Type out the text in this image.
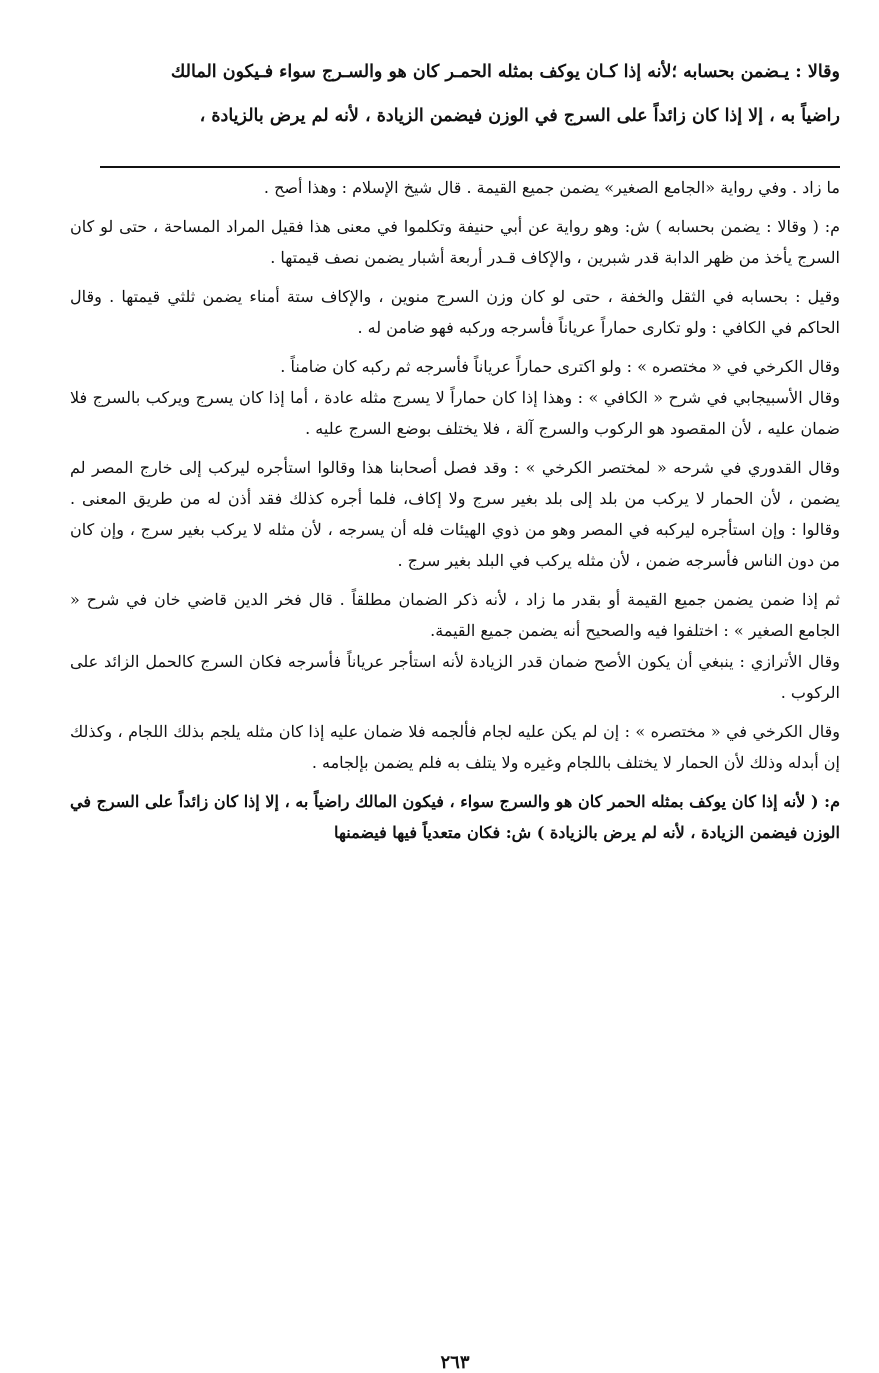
وقالا : يـضمن بحسابه ؛لأنه إذا كـان يوكف بمثله الحمـر كان هو والسـرج سواء فـيكون المالك

راضياً به ، إلا إذا كان زائداً على السرج في الوزن فيضمن الزيادة ، لأنه لم يرض بالزيادة ،

ما زاد . وفي رواية «الجامع الصغير» يضمن جميع القيمة . قال شيخ الإسلام : وهذا أصح .

م: ( وقالا : يضمن بحسابه ) ش: وهو رواية عن أبي حنيفة وتكلموا في معنى هذا فقيل المراد المساحة ، حتى لو كان السرج يأخذ من ظهر الدابة قدر شبرين ، والإكاف قـدر أربعة أشبار يضمن نصف قيمتها .

وقيل : بحسابه في الثقل والخفة ، حتى لو كان وزن السرج منوين ، والإكاف ستة أمناء يضمن ثلثي قيمتها . وقال الحاكم في الكافي : ولو تكارى حماراً عرياناً فأسرجه وركبه فهو ضامن له .

وقال الكرخي في « مختصره » : ولو اكترى حماراً عرياناً فأسرجه ثم ركبه كان ضامناً .

وقال الأسبيجابي في شرح « الكافي » : وهذا إذا كان حماراً لا يسرج مثله عادة ، أما إذا كان يسرج ويركب بالسرج فلا ضمان عليه ، لأن المقصود هو الركوب والسرج آلة ، فلا يختلف بوضع السرج عليه .

وقال القدوري في شرحه « لمختصر الكرخي » : وقد فصل أصحابنا هذا وقالوا استأجره ليركب إلى خارج المصر لم يضمن ، لأن الحمار لا يركب من بلد إلى بلد بغير سرج ولا إكاف، فلما أجره كذلك فقد أذن له من طريق المعنى . وقالوا : وإن استأجره ليركبه في المصر وهو من ذوي الهيئات فله أن يسرجه ، لأن مثله لا يركب بغير سرج ، وإن كان من دون الناس فأسرجه ضمن ، لأن مثله يركب في البلد بغير سرج .

ثم إذا ضمن يضمن جميع القيمة أو بقدر ما زاد ، لأنه ذكر الضمان مطلقاً . قال فخر الدين قاضي خان في شرح « الجامع الصغير » : اختلفوا فيه والصحيح أنه يضمن جميع القيمة.

وقال الأترازي : ينبغي أن يكون الأصح ضمان قدر الزيادة لأنه استأجر عرياناً فأسرجه فكان السرج كالحمل الزائد على الركوب .

وقال الكرخي في « مختصره » : إن لم يكن عليه لجام فألجمه فلا ضمان عليه إذا كان مثله يلجم بذلك اللجام ، وكذلك إن أبدله وذلك لأن الحمار لا يختلف باللجام وغيره ولا يتلف به فلم يضمن بإلجامه .

م: ( لأنه إذا كان يوكف بمثله الحمر كان هو والسرج سواء ، فيكون المالك راضياً به ، إلا إذا كان زائداً على السرج في الوزن فيضمن الزيادة ، لأنه لم يرض بالزيادة ) ش: فكان متعدياً فيها فيضمنها

٢٦٣
